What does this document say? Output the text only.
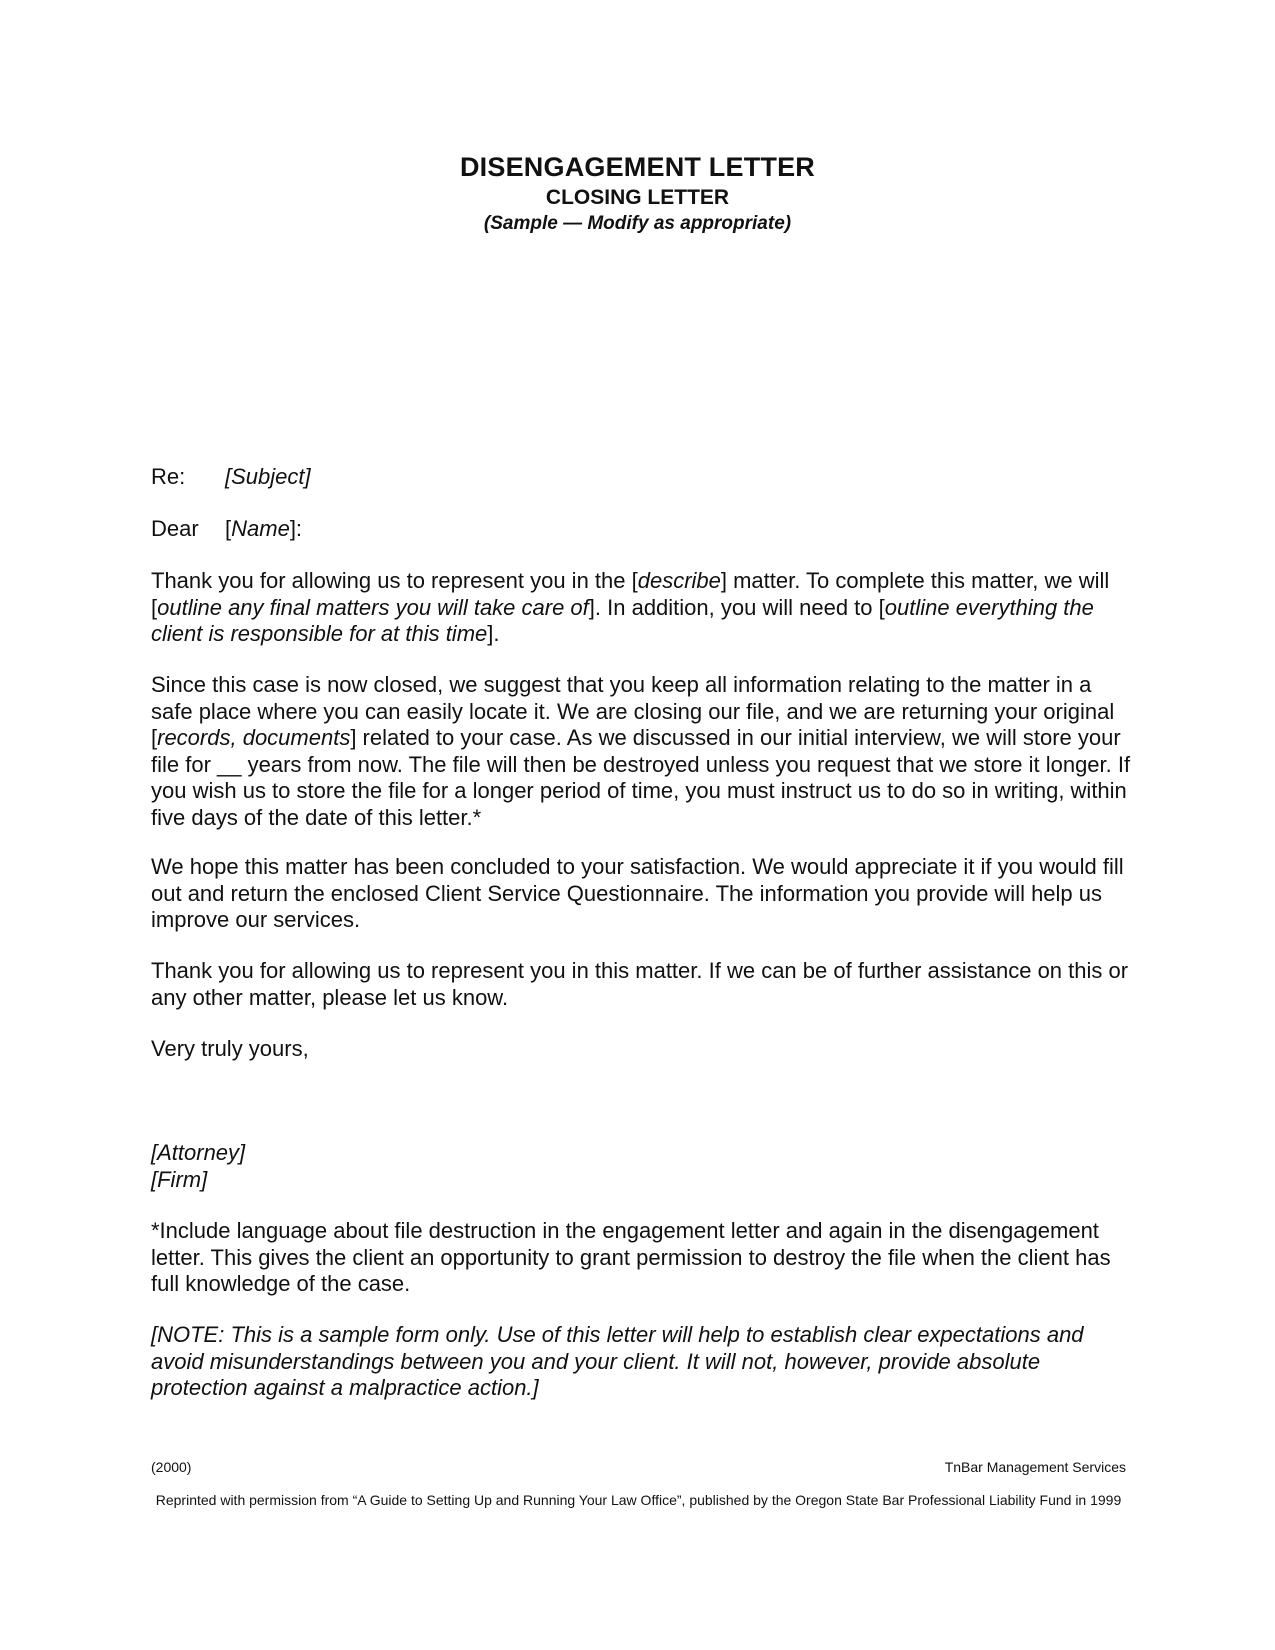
DISENGAGEMENT LETTER
CLOSING LETTER
(Sample — Modify as appropriate)
Re: [Subject]
Dear [Name]:

Thank you for allowing us to represent you in the [describe] matter. To complete this matter, we will [outline any final matters you will take care of]. In addition, you will need to [outline everything the client is responsible for at this time].

Since this case is now closed, we suggest that you keep all information relating to the matter in a safe place where you can easily locate it. We are closing our file, and we are returning your original [records, documents] related to your case. As we discussed in our initial interview, we will store your file for __ years from now. The file will then be destroyed unless you request that we store it longer. If you wish us to store the file for a longer period of time, you must instruct us to do so in writing, within five days of the date of this letter.*

We hope this matter has been concluded to your satisfaction. We would appreciate it if you would fill out and return the enclosed Client Service Questionnaire. The information you provide will help us improve our services.

Thank you for allowing us to represent you in this matter. If we can be of further assistance on this or any other matter, please let us know.

Very truly yours,

[Attorney]

[Firm]

*Include language about file destruction in the engagement letter and again in the disengagement letter. This gives the client an opportunity to grant permission to destroy the file when the client has full knowledge of the case.

[NOTE: This is a sample form only. Use of this letter will help to establish clear expectations and avoid misunderstandings between you and your client. It will not, however, provide absolute protection against a malpractice action.]

(2000)	TnBar Management Services
Reprinted with permission from “A Guide to Setting Up and Running Your Law Office”, published by the Oregon State Bar Professional Liability Fund in 1999
